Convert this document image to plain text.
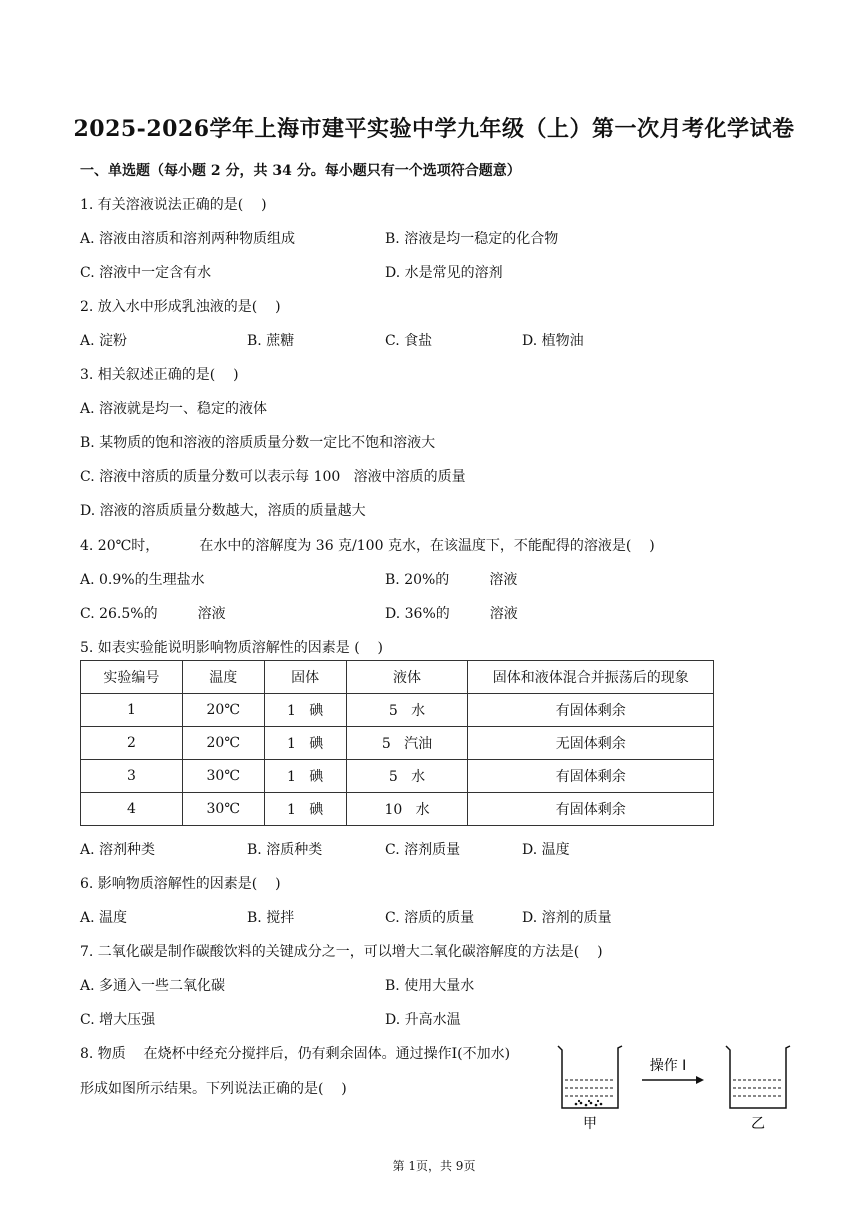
2025-2026学年上海市建平实验中学九年级（上）第一次月考化学试卷
一、单选题（每小题 2 分，共 34 分。每小题只有一个选项符合题意）
1. 有关溶液说法正确的是(    )
A. 溶液由溶质和溶剂两种物质组成	B. 溶液是均一稳定的化合物
C. 溶液中一定含有水	D. 水是常见的溶剂
2. 放入水中形成乳浊液的是(    )
A. 淀粉	B. 蔗糖	C. 食盐	D. 植物油
3. 相关叙述正确的是(    )
A. 溶液就是均一、稳定的液体
B. 某物质的饱和溶液的溶质质量分数一定比不饱和溶液大
C. 溶液中溶质的质量分数可以表示每 100   溶液中溶质的质量
D. 溶液的溶质质量分数越大，溶质的质量越大
4. 20℃时，         在水中的溶解度为 36 克/100 克水，在该温度下，不能配得的溶液是(    )
A. 0.9%的生理盐水	B. 20%的         溶液
C. 26.5%的         溶液	D. 36%的         溶液
5. 如表实验能说明影响物质溶解性的因素是 (    )
实验编号	温度	固体	液体	固体和液体混合并振荡后的现象
1	20℃	1   碘	5   水	有固体剩余
2	20℃	1   碘	5   汽油	无固体剩余
3	30℃	1   碘	5   水	有固体剩余
4	30℃	1   碘	10   水	有固体剩余
A. 溶剂种类	B. 溶质种类	C. 溶剂质量	D. 温度
6. 影响物质溶解性的因素是(    )
A. 温度	B. 搅拌	C. 溶质的质量	D. 溶剂的质量
7. 二氧化碳是制作碳酸饮料的关键成分之一，可以增大二氧化碳溶解度的方法是(    )
A. 多通入一些二氧化碳	B. 使用大量水
C. 增大压强	D. 升高水温
8. 物质    在烧杯中经充分搅拌后，仍有剩余固体。通过操作I(不加水)
形成如图所示结果。下列说法正确的是(    )
甲
操作 I
乙
第 1页，共 9页
